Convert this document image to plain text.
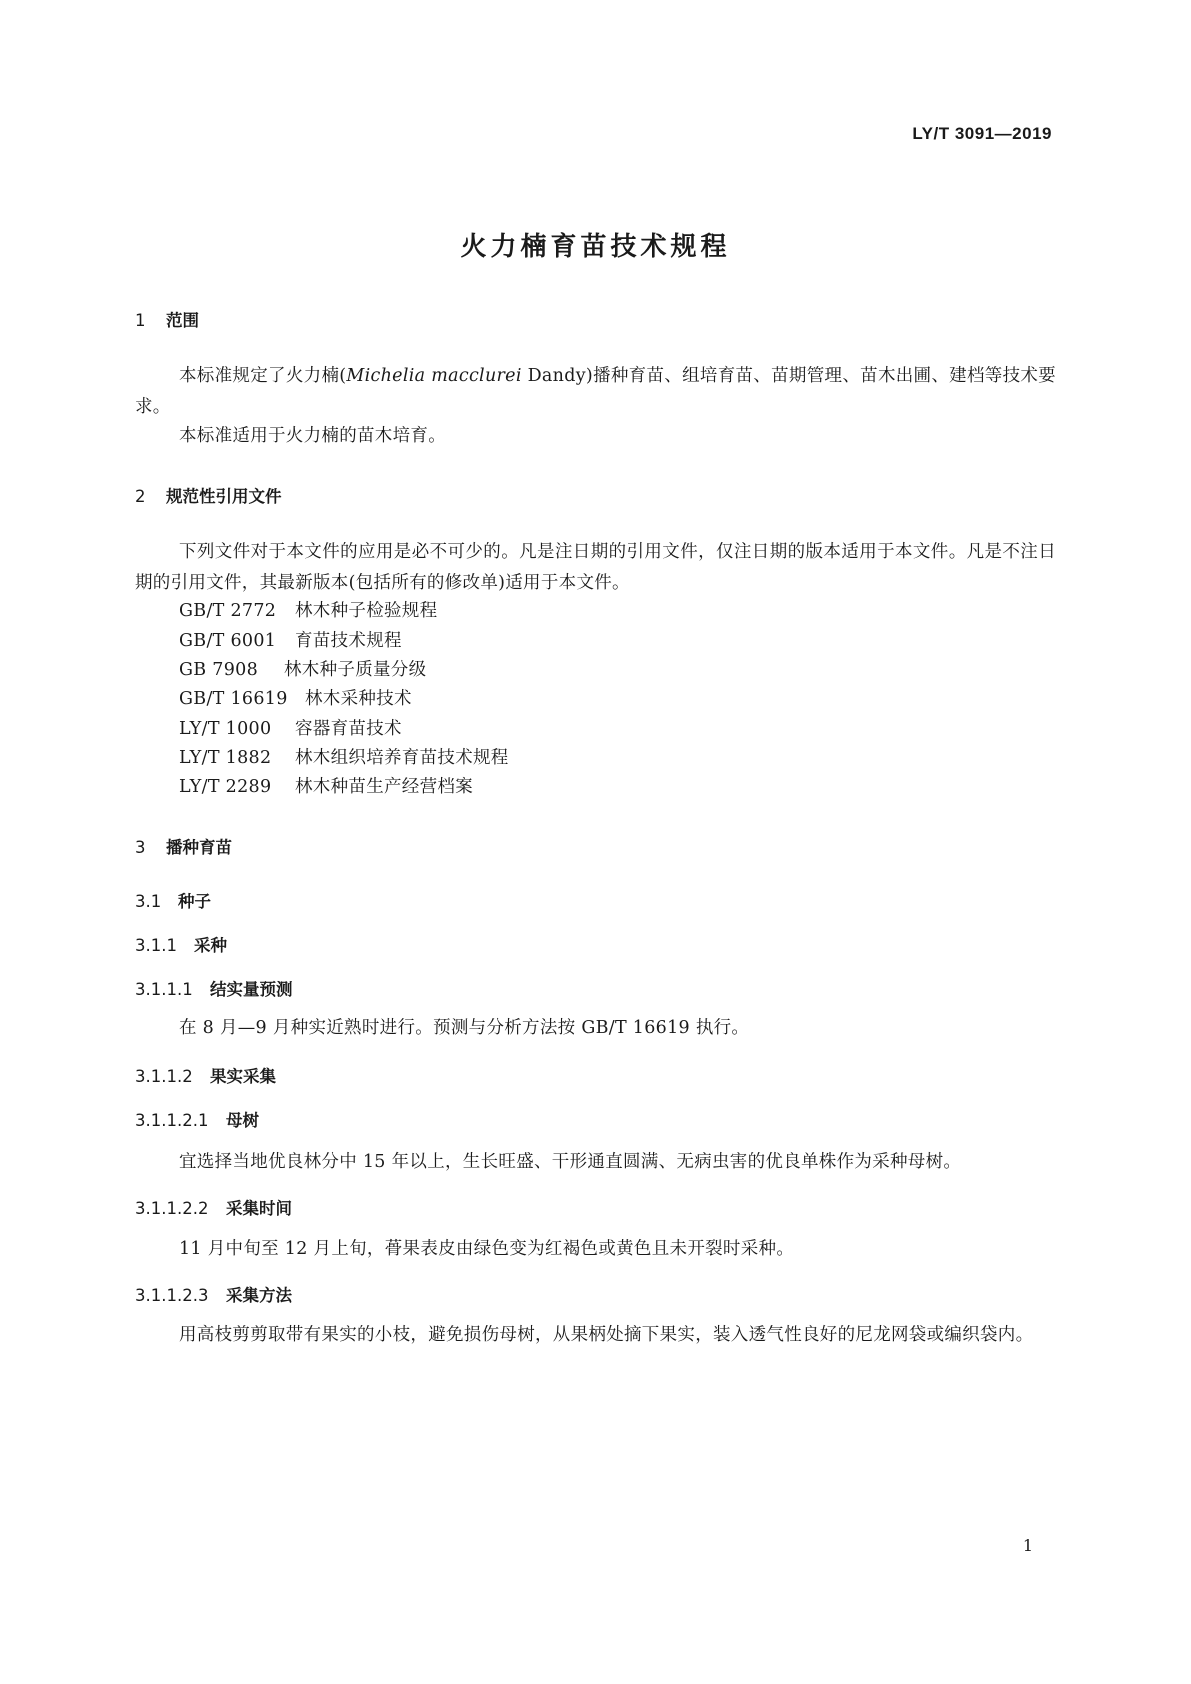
LY/T 3091—2019
火力楠育苗技术规程
1 范围
本标准规定了火力楠(Michelia macclurei Dandy)播种育苗、组培育苗、苗期管理、苗木出圃、建档等技术要求。
本标准适用于火力楠的苗木培育。
2 规范性引用文件
下列文件对于本文件的应用是必不可少的。凡是注日期的引用文件，仅注日期的版本适用于本文件。凡是不注日期的引用文件，其最新版本(包括所有的修改单)适用于本文件。
GB/T 2772 林木种子检验规程
GB/T 6001 育苗技术规程
GB 7908 林木种子质量分级
GB/T 16619 林木采种技术
LY/T 1000 容器育苗技术
LY/T 1882 林木组织培养育苗技术规程
LY/T 2289 林木种苗生产经营档案
3 播种育苗
3.1 种子
3.1.1 采种
3.1.1.1 结实量预测
在 8 月—9 月种实近熟时进行。预测与分析方法按 GB/T 16619 执行。
3.1.1.2 果实采集
3.1.1.2.1 母树
宜选择当地优良林分中 15 年以上，生长旺盛、干形通直圆满、无病虫害的优良单株作为采种母树。
3.1.1.2.2 采集时间
11 月中旬至 12 月上旬，蓇果表皮由绿色变为红褐色或黄色且未开裂时采种。
3.1.1.2.3 采集方法
用高枝剪剪取带有果实的小枝，避免损伤母树，从果柄处摘下果实，装入透气性良好的尼龙网袋或编织袋内。
1
